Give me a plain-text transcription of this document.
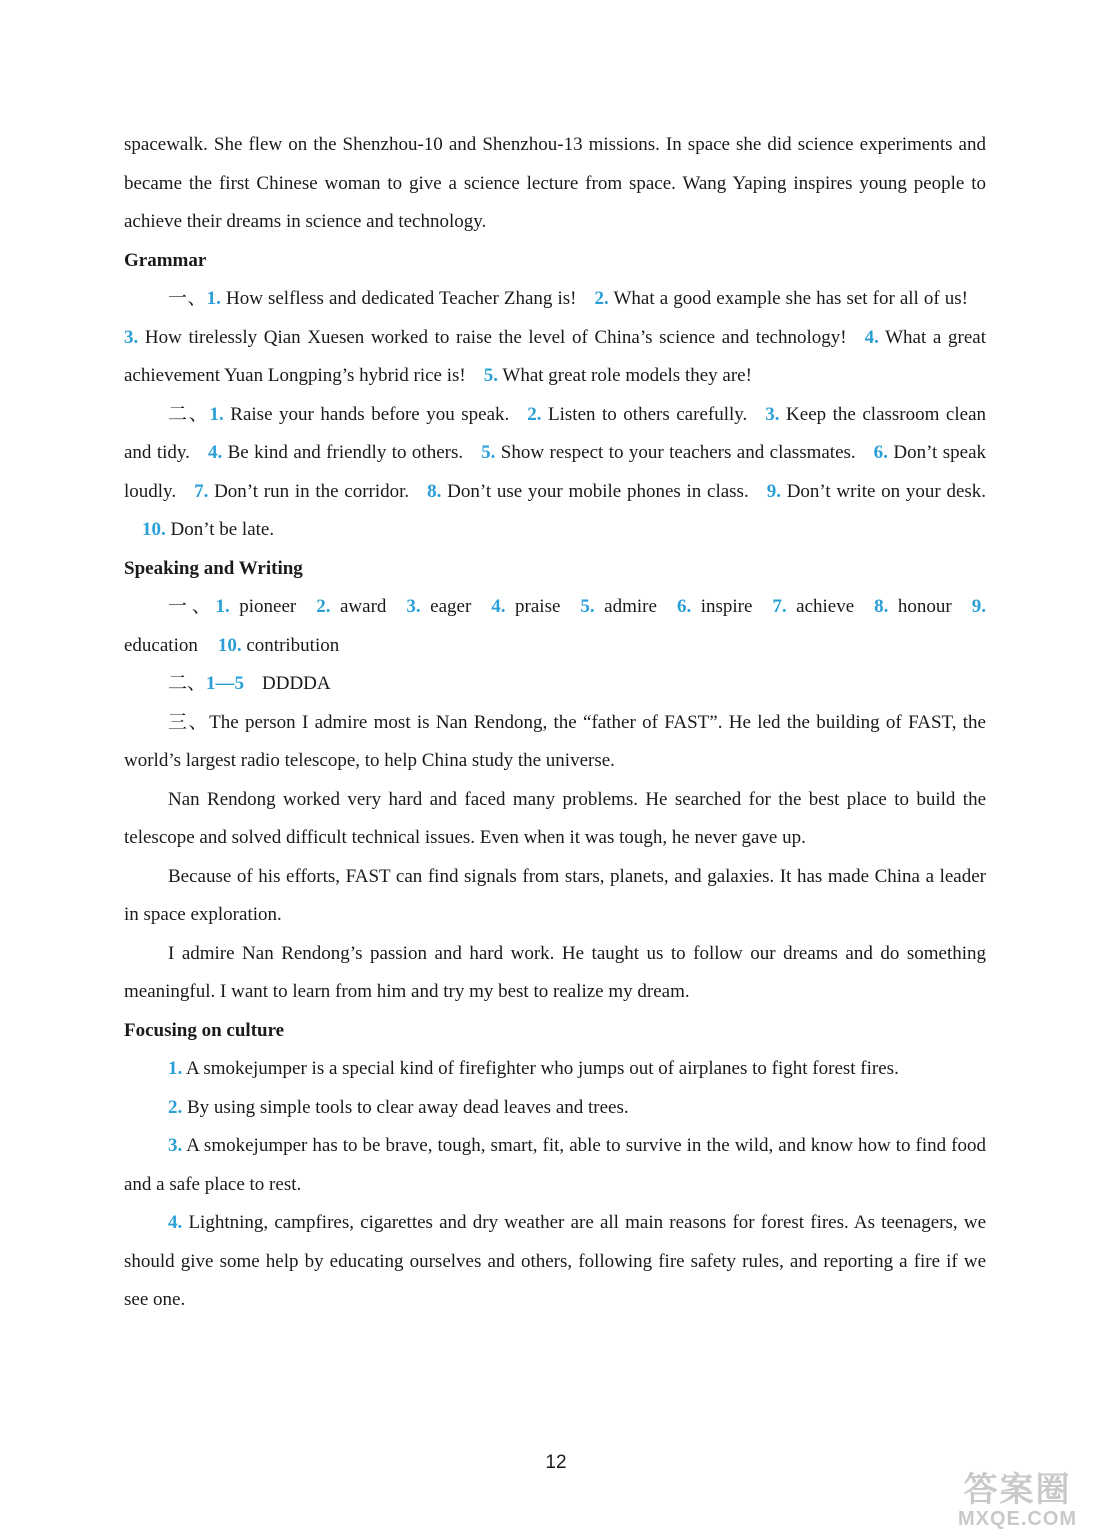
spacewalk. She flew on the Shenzhou-10 and Shenzhou-13 missions. In space she did science experiments and became the first Chinese woman to give a science lecture from space. Wang Yaping inspires young people to achieve their dreams in science and technology.

Grammar

一、1. How selfless and dedicated Teacher Zhang is! 2. What a good example she has set for all of us!3. How tirelessly Qian Xuesen worked to raise the level of China’s science and technology! 4. What a great achievement Yuan Longping’s hybrid rice is! 5. What great role models they are!

二、1. Raise your hands before you speak. 2. Listen to others carefully. 3. Keep the classroom clean and tidy. 4. Be kind and friendly to others. 5. Show respect to your teachers and classmates. 6. Don’t speak loudly. 7. Don’t run in the corridor. 8. Don’t use your mobile phones in class. 9. Don’t write on your desk.10. Don’t be late.

Speaking and Writing

一、1. pioneer 2. award 3. eager 4. praise 5. admire 6. inspire 7. achieve 8. honour 9. education 10. contribution

二、1—5 DDDDA

三、The person I admire most is Nan Rendong, the “father of FAST”. He led the building of FAST, the world’s largest radio telescope, to help China study the universe.

Nan Rendong worked very hard and faced many problems. He searched for the best place to build the telescope and solved difficult technical issues. Even when it was tough, he never gave up.

Because of his efforts, FAST can find signals from stars, planets, and galaxies. It has made China a leader in space exploration.

I admire Nan Rendong’s passion and hard work. He taught us to follow our dreams and do something meaningful. I want to learn from him and try my best to realize my dream.

Focusing on culture

1. A smokejumper is a special kind of firefighter who jumps out of airplanes to fight forest fires.

2. By using simple tools to clear away dead leaves and trees.

3. A smokejumper has to be brave, tough, smart, fit, able to survive in the wild, and know how to find food and a safe place to rest.

4. Lightning, campfires, cigarettes and dry weather are all main reasons for forest fires. As teenagers, we should give some help by educating ourselves and others, following fire safety rules, and reporting a fire if we see one.

12
答案圈
MXQE.COM
